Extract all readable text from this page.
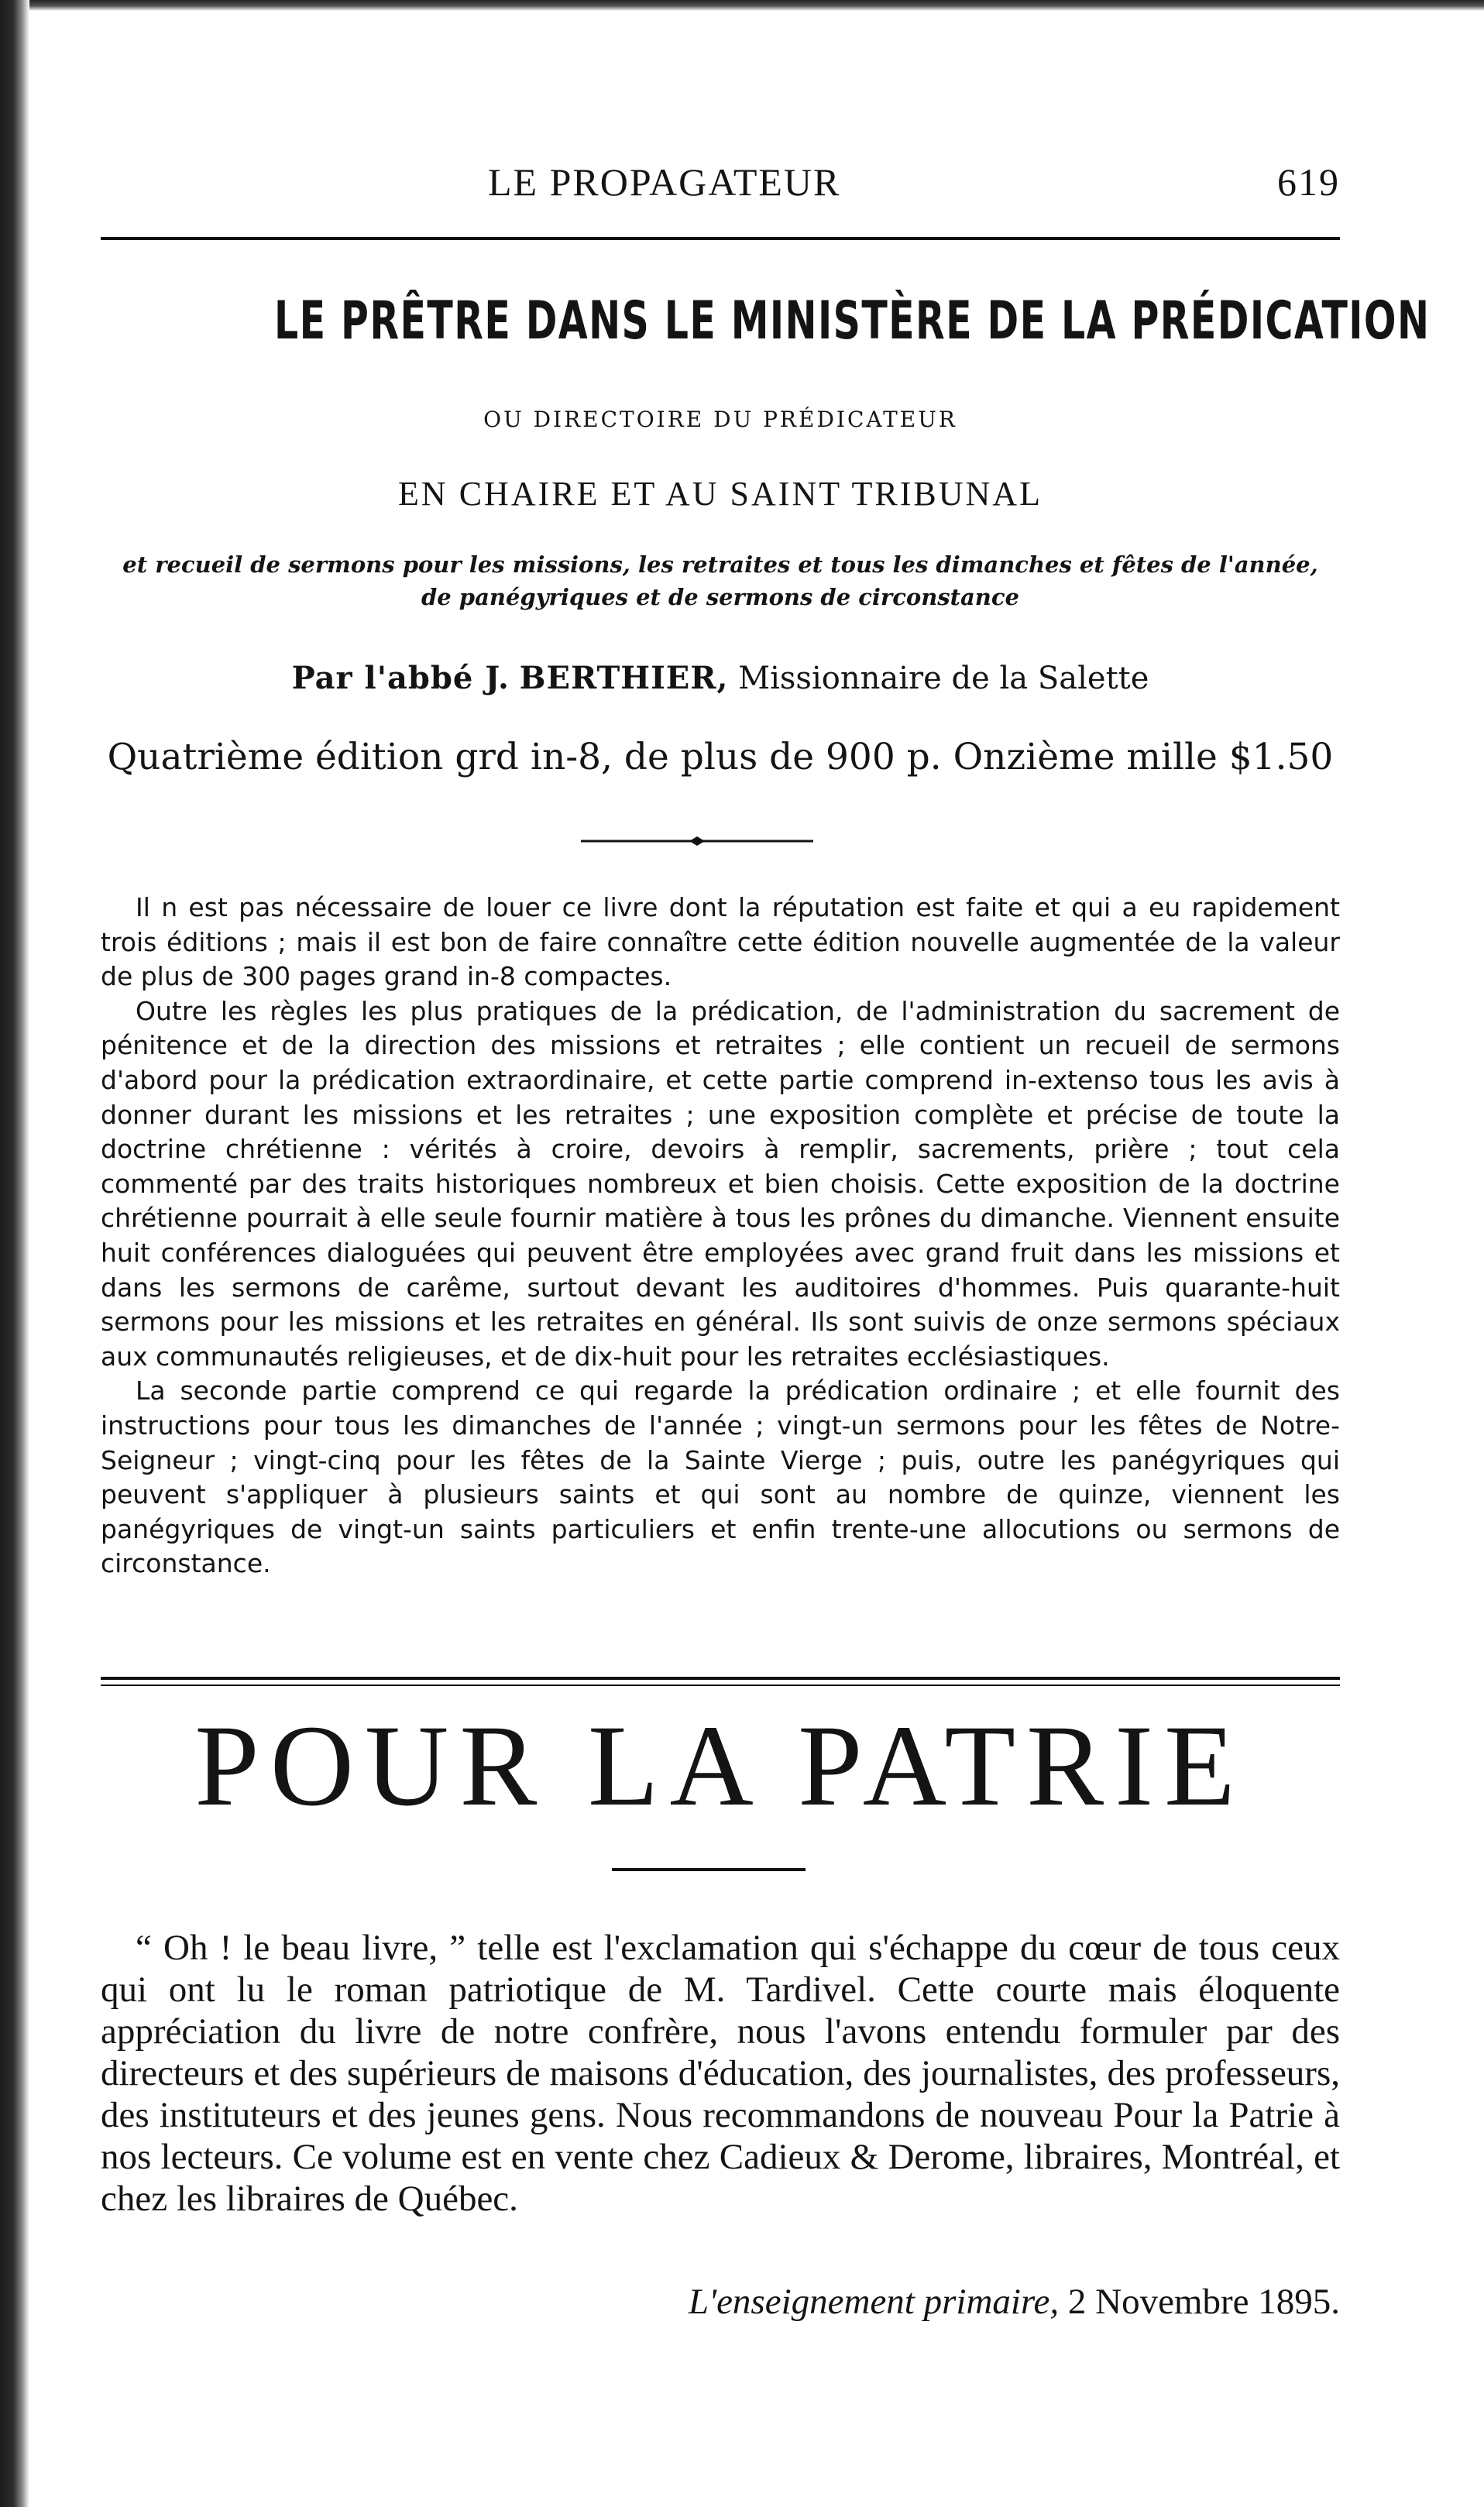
LE PROPAGATEUR	619
LE PRÊTRE DANS LE MINISTÈRE DE LA PRÉDICATION
OU DIRECTOIRE DU PRÉDICATEUR
EN CHAIRE ET AU SAINT TRIBUNAL
et recueil de sermons pour les missions, les retraites et tous les dimanches et fêtes de l'année,
de panégyriques et de sermons de circonstance
Par l'abbé J. BERTHIER, Missionnaire de la Salette
Quatrième édition grd in-8, de plus de 900 p. Onzième mille $1.50

Il n est pas nécessaire de louer ce livre dont la réputation est faite et qui a eu rapidement trois éditions ; mais il est bon de faire connaître cette édition nouvelle augmentée de la valeur de plus de 300 pages grand in-8 compactes.

Outre les règles les plus pratiques de la prédication, de l'administration du sacrement de pénitence et de la direction des missions et retraites ; elle contient un recueil de sermons d'abord pour la prédication extraordinaire, et cette partie comprend in-extenso tous les avis à donner durant les missions et les retraites ; une exposition complète et précise de toute la doctrine chrétienne : vérités à croire, devoirs à remplir, sacrements, prière ; tout cela commenté par des traits historiques nombreux et bien choisis. Cette exposition de la doctrine chrétienne pourrait à elle seule fournir matière à tous les prônes du dimanche. Viennent ensuite huit conférences dialoguées qui peuvent être employées avec grand fruit dans les missions et dans les sermons de carême, surtout devant les auditoires d'hommes. Puis quarante-huit sermons pour les missions et les retraites en général. Ils sont suivis de onze sermons spéciaux aux communautés religieuses, et de dix-huit pour les retraites ecclésiastiques.

La seconde partie comprend ce qui regarde la prédication ordinaire ; et elle fournit des instructions pour tous les dimanches de l'année ; vingt-un sermons pour les fêtes de Notre-Seigneur ; vingt-cinq pour les fêtes de la Sainte Vierge ; puis, outre les panégyriques qui peuvent s'appliquer à plusieurs saints et qui sont au nombre de quinze, viennent les panégyriques de vingt-un saints particuliers et enfin trente-une allocutions ou sermons de circonstance.

POUR LA PATRIE

“ Oh ! le beau livre, ” telle est l'exclamation qui s'échappe du cœur de tous ceux qui ont lu le roman patriotique de M. Tardivel. Cette courte mais éloquente appréciation du livre de notre confrère, nous l'avons entendu formuler par des directeurs et des supérieurs de maisons d'éducation, des journalistes, des professeurs, des instituteurs et des jeunes gens. Nous recommandons de nouveau Pour la Patrie à nos lecteurs. Ce volume est en vente chez Cadieux & Derome, libraires, Montréal, et chez les libraires de Québec.

L'enseignement primaire, 2 Novembre 1895.
